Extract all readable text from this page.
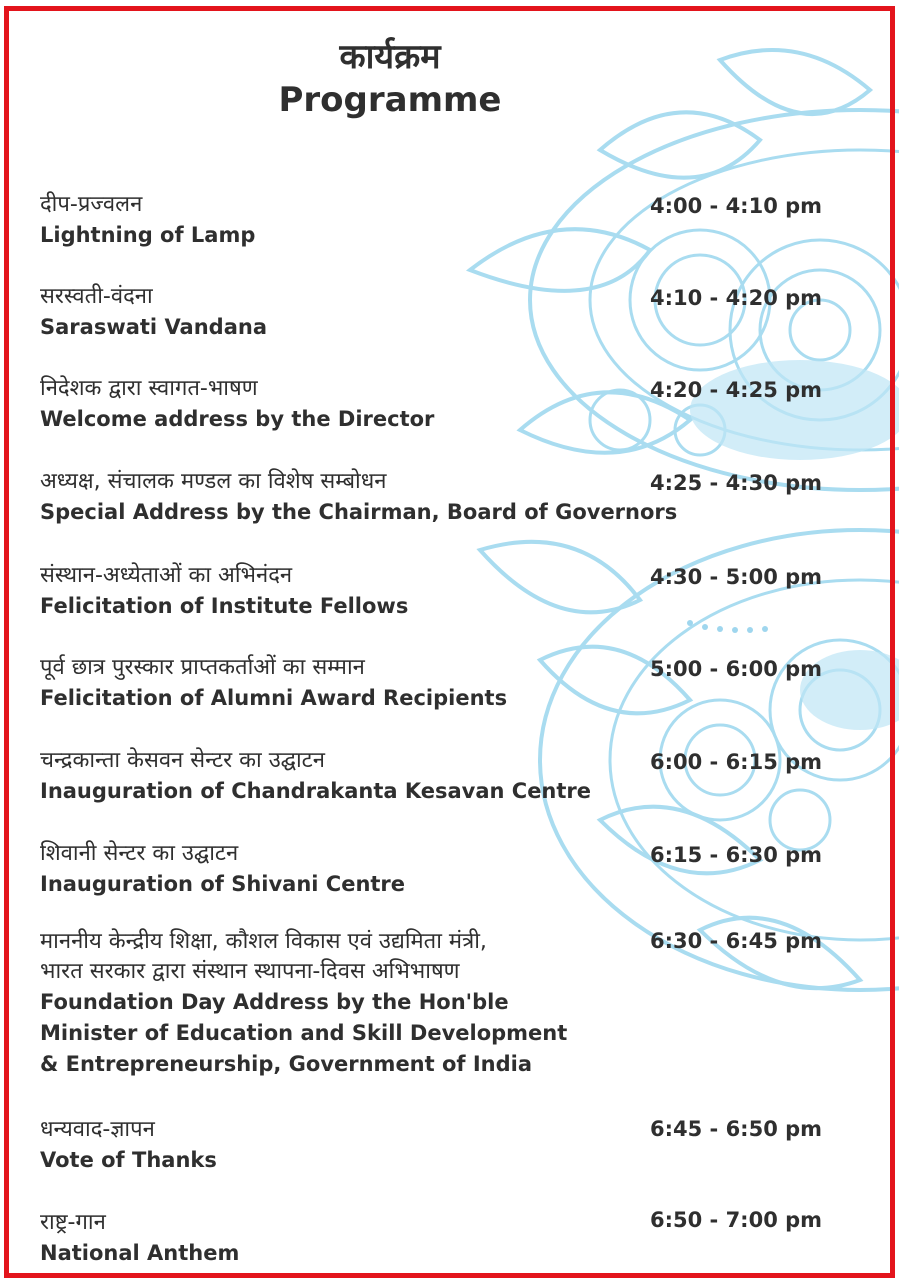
कार्यक्रम
Programme
दीप-प्रज्वलन
Lightning of Lamp
4:00 - 4:10 pm
सरस्वती-वंदना
Saraswati Vandana
4:10 - 4:20 pm
निदेशक द्वारा स्वागत-भाषण
Welcome address by the Director
4:20 - 4:25 pm
अध्यक्ष, संचालक मण्डल का विशेष सम्बोधन
Special Address by the Chairman, Board of Governors
4:25 - 4:30 pm
संस्थान-अध्येताओं का अभिनंदन
Felicitation of Institute Fellows
4:30 - 5:00 pm
पूर्व छात्र पुरस्कार प्राप्तकर्ताओं का सम्मान
Felicitation of Alumni Award Recipients
5:00 - 6:00 pm
चन्द्रकान्ता केसवन सेन्टर का उद्घाटन
Inauguration of Chandrakanta Kesavan Centre
6:00 - 6:15 pm
शिवानी सेन्टर का उद्घाटन
Inauguration of Shivani Centre
6:15 - 6:30 pm
माननीय केन्द्रीय शिक्षा, कौशल विकास एवं उद्यमिता मंत्री,
भारत सरकार द्वारा संस्थान स्थापना-दिवस अभिभाषण
Foundation Day Address by the Hon'ble
Minister of Education and Skill Development
& Entrepreneurship, Government of India
6:30 - 6:45 pm
धन्यवाद-ज्ञापन
Vote of Thanks
6:45 - 6:50 pm
राष्ट्र-गान
National Anthem
6:50 - 7:00 pm
